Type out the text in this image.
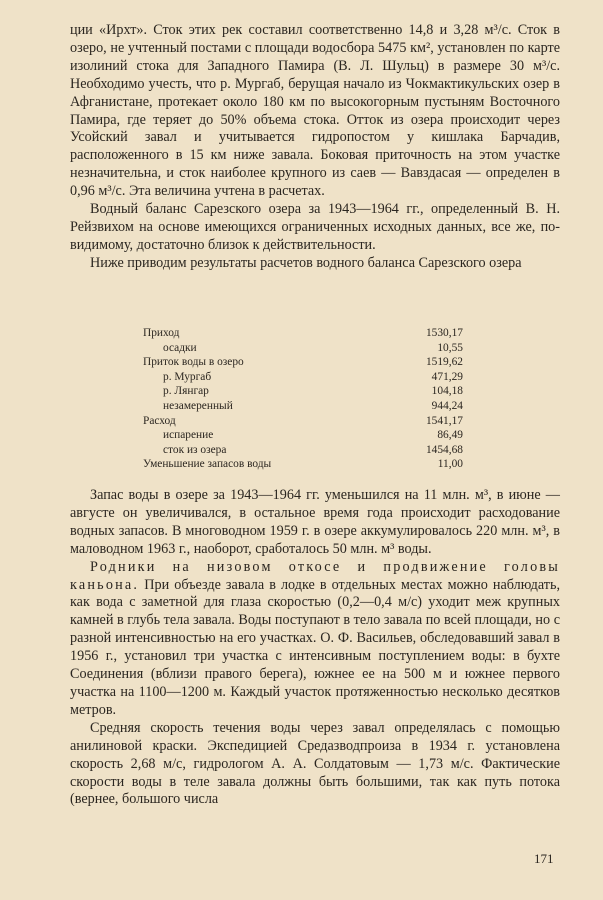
ции «Ирхт». Сток этих рек составил соответственно 14,8 и 3,28 м³/с. Сток в озеро, не учтенный постами с площади водосбора 5475 км², установлен по карте изолиний стока для Западного Памира (В. Л. Шульц) в размере 30 м³/с. Необходимо учесть, что р. Мургаб, берущая начало из Чокмактикульских озер в Афганистане, протекает около 180 км по высокогорным пустыням Восточного Памира, где теряет до 50% объема стока. Отток из озера происходит через Усойский завал и учитывается гидропостом у кишлака Барчадив, расположенного в 15 км ниже завала. Боковая приточность на этом участке незначительна, и сток наиболее крупного из саев — Вавздасая — определен в 0,96 м³/с. Эта величина учтена в расчетах.

Водный баланс Сарезского озера за 1943—1964 гг., определенный В. Н. Рейзвихом на основе имеющихся ограниченных исходных данных, все же, по-видимому, достаточно близок к действительности.

Ниже приводим результаты расчетов водного баланса Сарезского озера

Приход	1530,17
осадки	10,55
Приток воды в озеро	1519,62
р. Мургаб	471,29
р. Лянгар	104,18
незамеренный	944,24
Расход	1541,17
испарение	86,49
сток из озера	1454,68
Уменьшение запасов воды	11,00

Запас воды в озере за 1943—1964 гг. уменьшился на 11 млн. м³, в июне — августе он увеличивался, в остальное время года происходит расходование водных запасов. В многоводном 1959 г. в озере аккумулировалось 220 млн. м³, в маловодном 1963 г., наоборот, сработалось 50 млн. м³ воды.

Родники на низовом откосе и продвижение головы каньона. При объезде завала в лодке в отдельных местах можно наблюдать, как вода с заметной для глаза скоростью (0,2—0,4 м/с) уходит меж крупных камней в глубь тела завала. Воды поступают в тело завала по всей площади, но с разной интенсивностью на его участках. О. Ф. Васильев, обследовавший завал в 1956 г., установил три участка с интенсивным поступлением воды: в бухте Соединения (вблизи правого берега), южнее ее на 500 м и южнее первого участка на 1100—1200 м. Каждый участок протяженностью несколько десятков метров.

Средняя скорость течения воды через завал определялась с помощью анилиновой краски. Экспедицией Средазводпроиза в 1934 г. установлена скорость 2,68 м/с, гидрологом А. А. Солдатовым — 1,73 м/с. Фактические скорости воды в теле завала должны быть большими, так как путь потока (вернее, большого числа

171
